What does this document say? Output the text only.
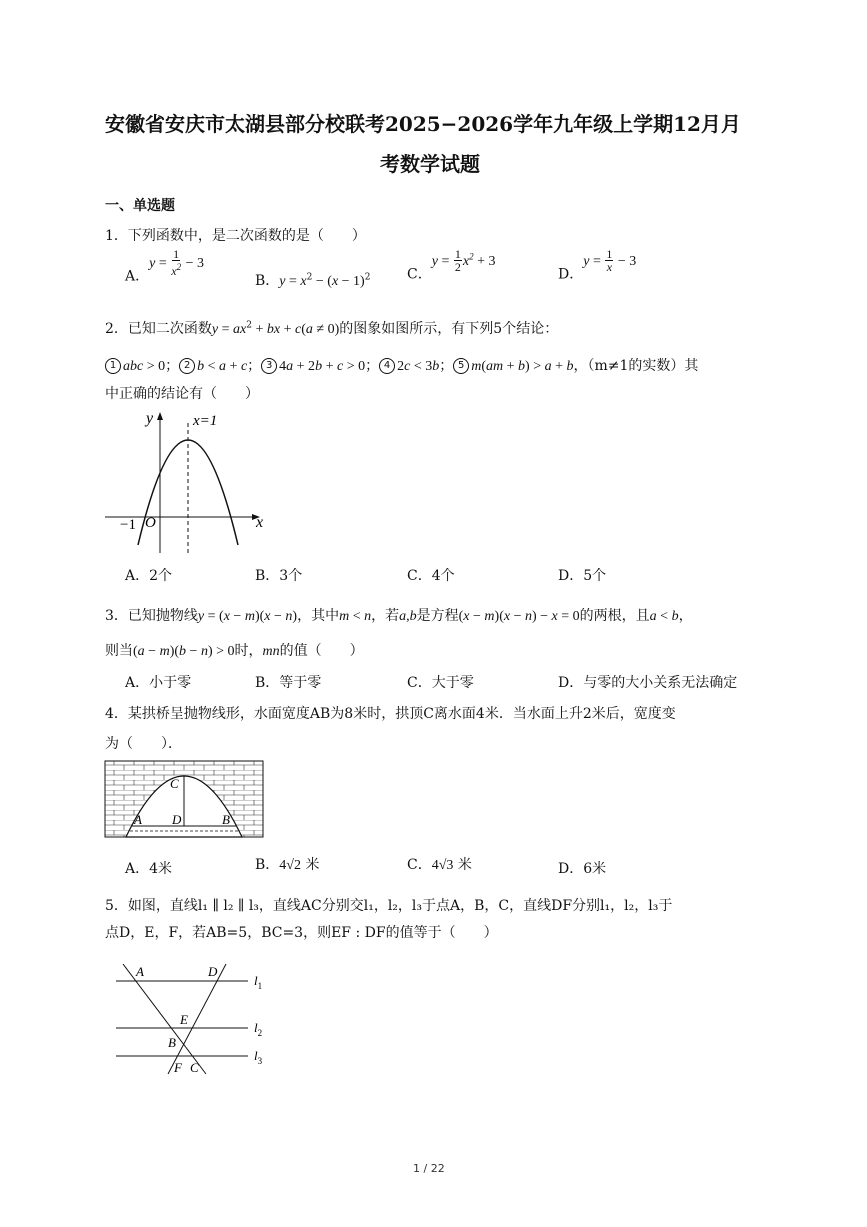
安徽省安庆市太湖县部分校联考2025−2026学年九年级上学期12月月
考数学试题
一、单选题
1．下列函数中，是二次函数的是（　　）
A．$y = \frac{1}{x^2} - 3$
B．$y = x^2 - (x - 1)^2$	C．$y = \frac{1}{2} x^2 + 3$
D．$y = \frac{1}{x} - 3$
2．已知二次函数$y = ax^2$ + bx + c(a ≠ 0)的图象如图所示，有下列5个结论：
1 abc > 0； 2 b < a + c； 3 4a + 2b + c > 0； 4 2c < 3b； 5 m(am + b) > a + b，（m≠1的实数）其
中正确的结论有（　　）
y	x=1
x
O
−1
A．2个	B．3个	C．4个	D．5个
3．已知抛物线y = (x − m)(x − n)，其中m < n，若a,b是方程(x − m)(x − n) − x = 0的两根，且a < b，
则当(a − m)(b − n) > 0时，mn的值（　　）
A．小于零	B．等于零	C．大于零	D．与零的大小关系无法确定
4．某拱桥呈抛物线形，水面宽度AB为8米时，拱顶C离水面4米．当水面上升2米后，宽度变
为（　　）．
C
A D	B
A．4米	B．4√2 米	C．4√3 米	D．6米
5．如图，直线l₁ ∥ l₂ ∥ l₃，直线AC分别交l₁，l₂，l₃于点A，B，C，直线DF分别l₁，l₂，l₃于
点D，E，F，若AB=5，BC=3，则EF : DF的值等于（　　）
A	D
E
B
F C
$l_1$
$l_2$
$l_3$
1 / 22
